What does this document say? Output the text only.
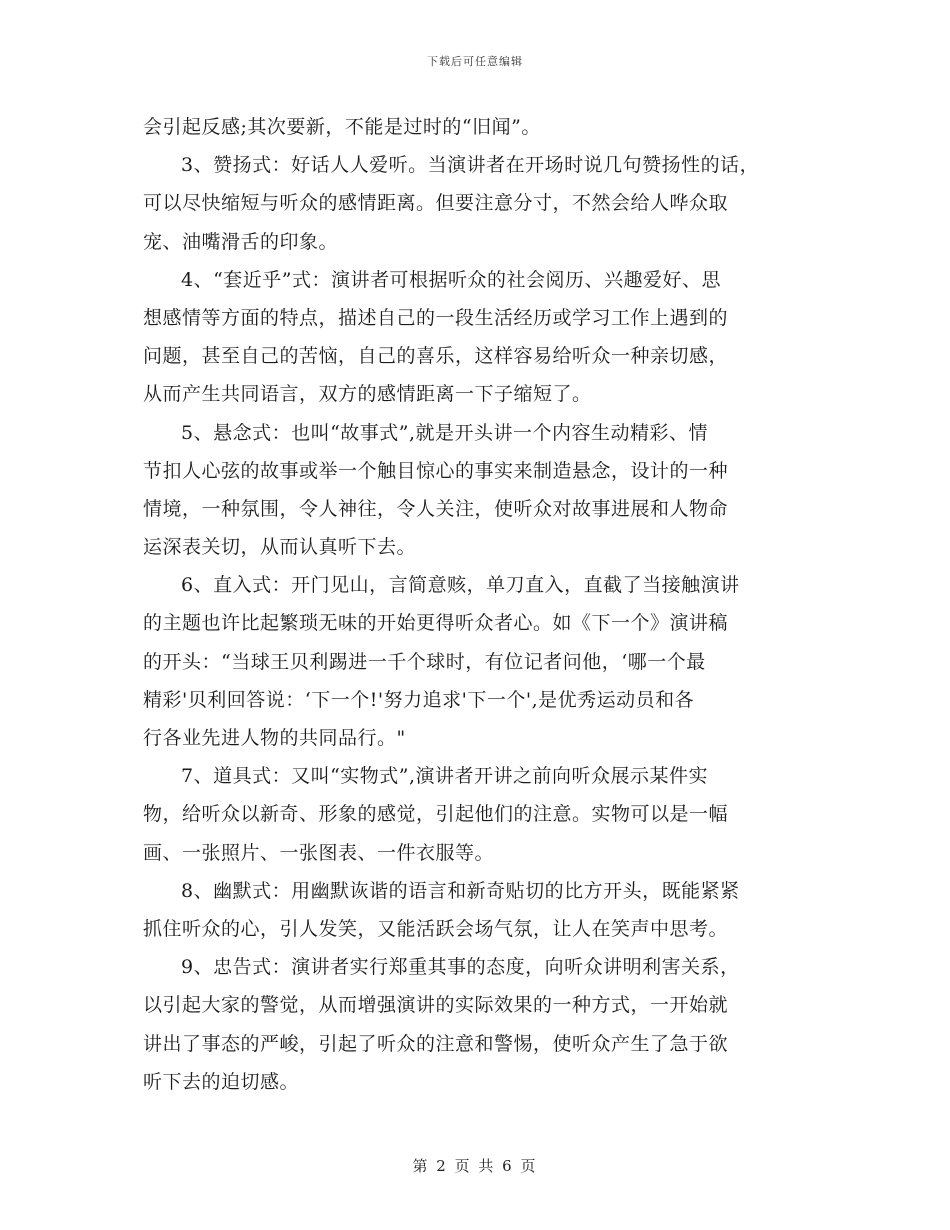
下载后可任意编辑
会引起反感;其次要新，不能是过时的“旧闻”。
3、赞扬式：好话人人爱听。当演讲者在开场时说几句赞扬性的话，
可以尽快缩短与听众的感情距离。但要注意分寸，不然会给人哗众取
宠、油嘴滑舌的印象。
4、“套近乎”式：演讲者可根据听众的社会阅历、兴趣爱好、思
想感情等方面的特点，描述自己的一段生活经历或学习工作上遇到的
问题，甚至自己的苦恼，自己的喜乐，这样容易给听众一种亲切感，
从而产生共同语言，双方的感情距离一下子缩短了。
5、悬念式：也叫“故事式”,就是开头讲一个内容生动精彩、情
节扣人心弦的故事或举一个触目惊心的事实来制造悬念，设计的一种
情境，一种氛围，令人神往，令人关注，使听众对故事进展和人物命
运深表关切，从而认真听下去。
6、直入式：开门见山，言简意赅，单刀直入，直截了当接触演讲
的主题也许比起繁琐无味的开始更得听众者心。如《下一个》演讲稿
的开头：“当球王贝利踢进一千个球时，有位记者问他，‘哪一个最
精彩'贝利回答说：‘下一个!'努力追求'下一个',是优秀运动员和各
行各业先进人物的共同品行。"
7、道具式：又叫“实物式”,演讲者开讲之前向听众展示某件实
物，给听众以新奇、形象的感觉，引起他们的注意。实物可以是一幅
画、一张照片、一张图表、一件衣服等。
8、幽默式：用幽默诙谐的语言和新奇贴切的比方开头，既能紧紧
抓住听众的心，引人发笑，又能活跃会场气氛，让人在笑声中思考。
9、忠告式：演讲者实行郑重其事的态度，向听众讲明利害关系，
以引起大家的警觉，从而增强演讲的实际效果的一种方式，一开始就
讲出了事态的严峻，引起了听众的注意和警惕，使听众产生了急于欲
听下去的迫切感。
第 2 页 共 6 页
